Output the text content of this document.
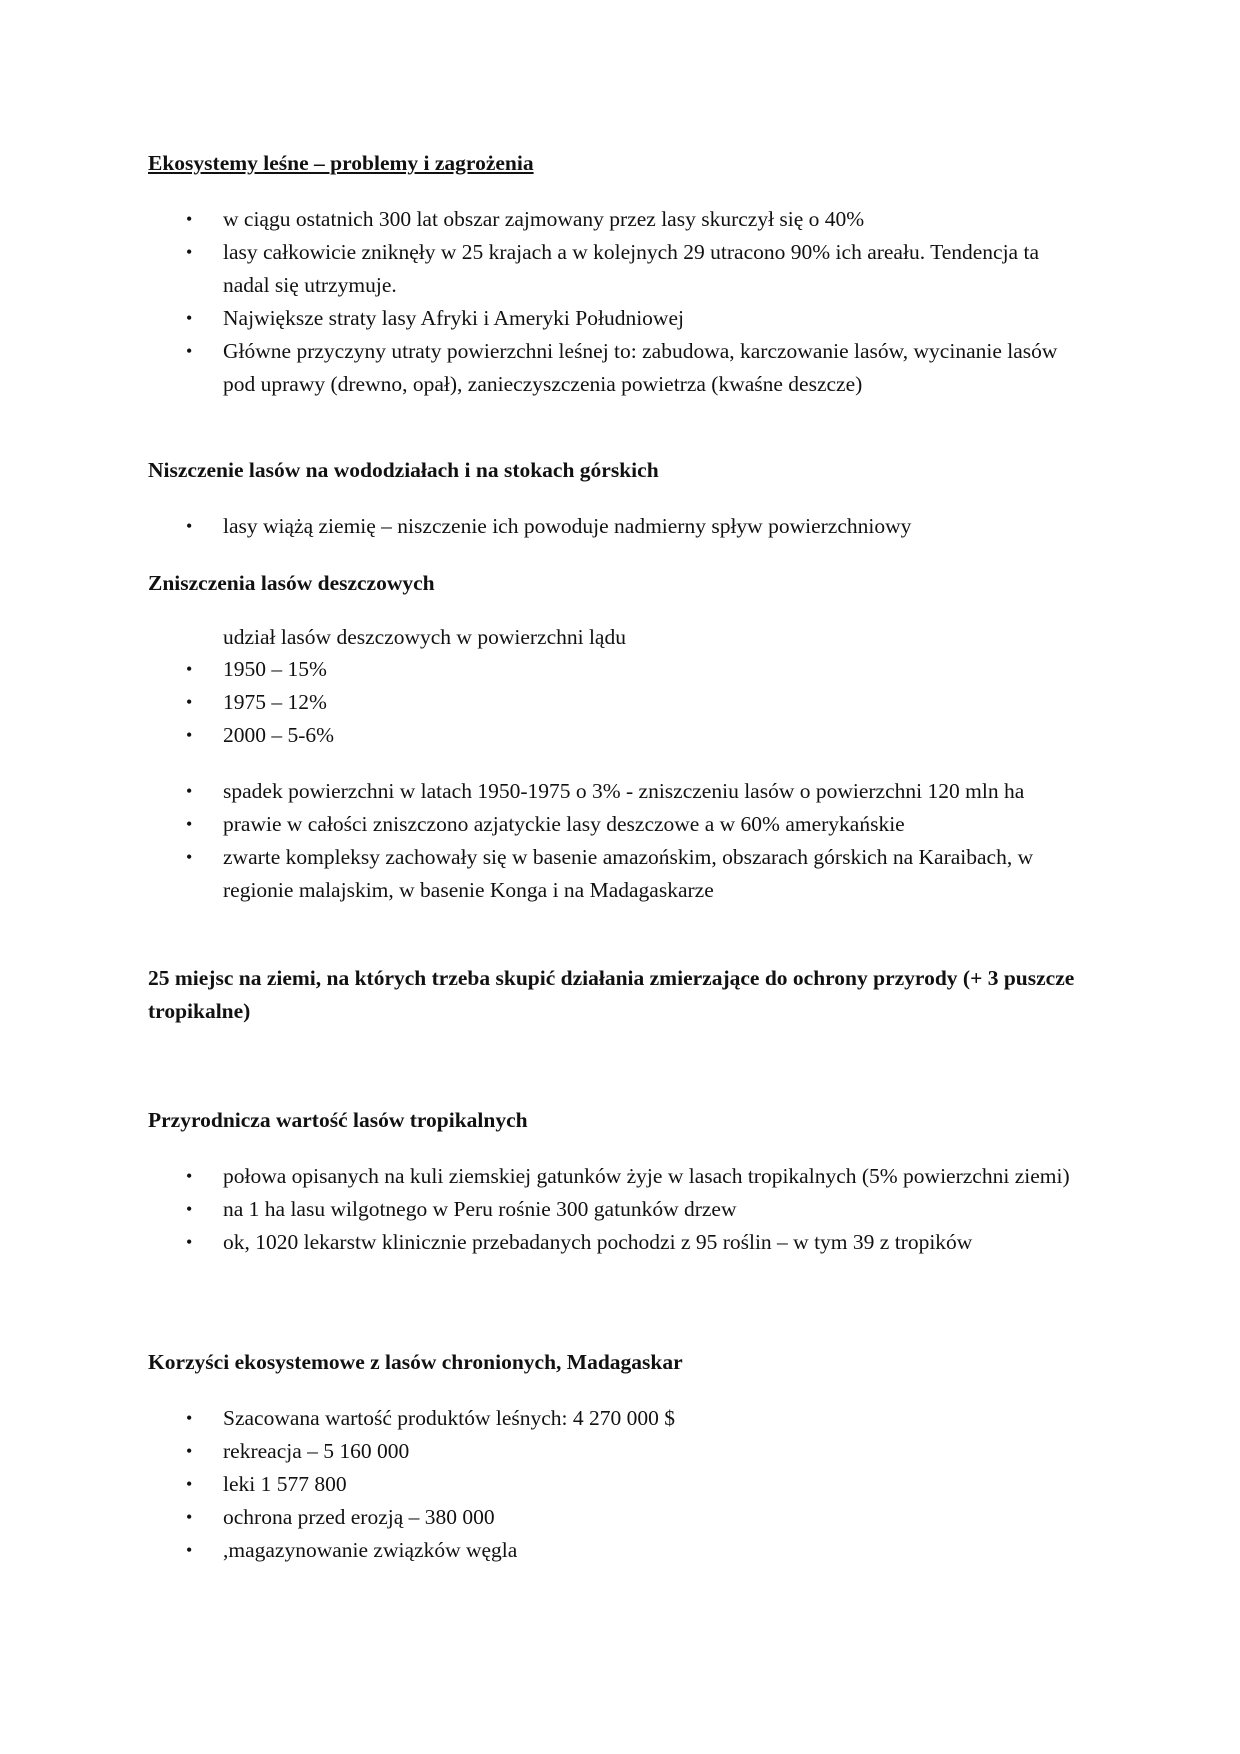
Ekosystemy leśne – problemy i zagrożenia
• w ciągu ostatnich 300 lat obszar zajmowany przez lasy skurczył się o 40%
• lasy całkowicie zniknęły w 25 krajach a w kolejnych 29 utracono 90% ich areału. Tendencja ta nadal się utrzymuje.
• Największe straty lasy Afryki i Ameryki Południowej
• Główne przyczyny utraty powierzchni leśnej to: zabudowa, karczowanie lasów, wycinanie lasów pod uprawy (drewno, opał), zanieczyszczenia powietrza (kwaśne deszcze)
Niszczenie lasów na wododziałach i na stokach górskich
• lasy wiążą ziemię – niszczenie ich powoduje nadmierny spływ powierzchniowy
Zniszczenia lasów deszczowych
udział lasów deszczowych w powierzchni lądu
• 1950 – 15%
• 1975 – 12%
• 2000 – 5-6%
• spadek powierzchni w latach 1950-1975 o 3% - zniszczeniu lasów o powierzchni 120 mln ha
• prawie w całości zniszczono azjatyckie lasy deszczowe a w 60% amerykańskie
• zwarte kompleksy zachowały się w basenie amazońskim, obszarach górskich na Karaibach, w regionie malajskim, w basenie Konga i na Madagaskarze
25 miejsc na ziemi, na których trzeba skupić działania zmierzające do ochrony przyrody (+ 3 puszcze tropikalne)
Przyrodnicza wartość lasów tropikalnych
• połowa opisanych na kuli ziemskiej gatunków żyje w lasach tropikalnych (5% powierzchni ziemi)
• na 1 ha lasu wilgotnego w Peru rośnie 300 gatunków drzew
• ok, 1020 lekarstw klinicznie przebadanych pochodzi z 95 roślin – w tym 39 z tropików
Korzyści ekosystemowe z lasów chronionych, Madagaskar
• Szacowana wartość produktów leśnych: 4 270 000 $
• rekreacja – 5 160 000
• leki 1 577 800
• ochrona przed erozją – 380 000
• ,magazynowanie związków węgla
